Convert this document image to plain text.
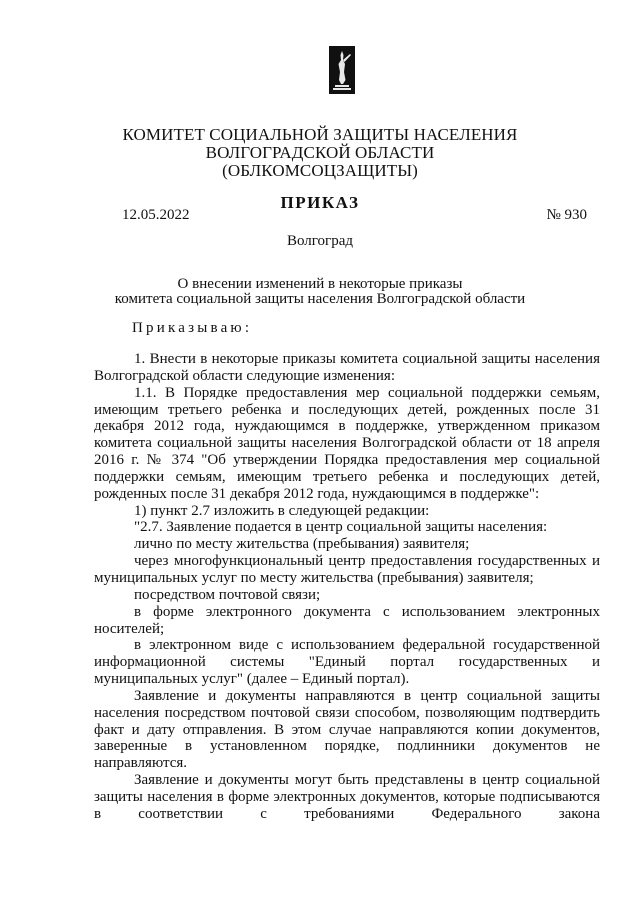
КОМИТЕТ СОЦИАЛЬНОЙ ЗАЩИТЫ НАСЕЛЕНИЯ
ВОЛГОГРАДСКОЙ ОБЛАСТИ
(ОБЛКОМСОЦЗАЩИТЫ)
ПРИКАЗ
12.05.2022	№ 930
Волгоград
О внесении изменений в некоторые приказы
комитета социальной защиты населения Волгоградской области
Приказываю:

1. Внести в некоторые приказы комитета социальной защиты населения Волгоградской области следующие изменения:

1.1. В Порядке предоставления мер социальной поддержки семьям, имеющим третьего ребенка и последующих детей, рожденных после 31 декабря 2012 года, нуждающимся в поддержке, утвержденном приказом комитета социальной защиты населения Волгоградской области от 18 апреля 2016 г. № 374 "Об утверждении Порядка предоставления мер социальной поддержки семьям, имеющим третьего ребенка и последующих детей, рожденных после 31 декабря 2012 года, нуждающимся в поддержке":

1) пункт 2.7 изложить в следующей редакции:

"2.7. Заявление подается в центр социальной защиты населения:

лично по месту жительства (пребывания) заявителя;

через многофункциональный центр предоставления государственных и муниципальных услуг по месту жительства (пребывания) заявителя;

посредством почтовой связи;

в форме электронного документа с использованием электронных носителей;

в электронном виде с использованием федеральной государственной информационной системы "Единый портал государственных и муниципальных услуг" (далее – Единый портал).

Заявление и документы направляются в центр социальной защиты населения посредством почтовой связи способом, позволяющим подтвердить факт и дату отправления. В этом случае направляются копии документов, заверенные в установленном порядке, подлинники документов не направляются.

Заявление и документы могут быть представлены в центр социальной защиты населения в форме электронных документов, которые подписываются в соответствии с требованиями Федерального закона
